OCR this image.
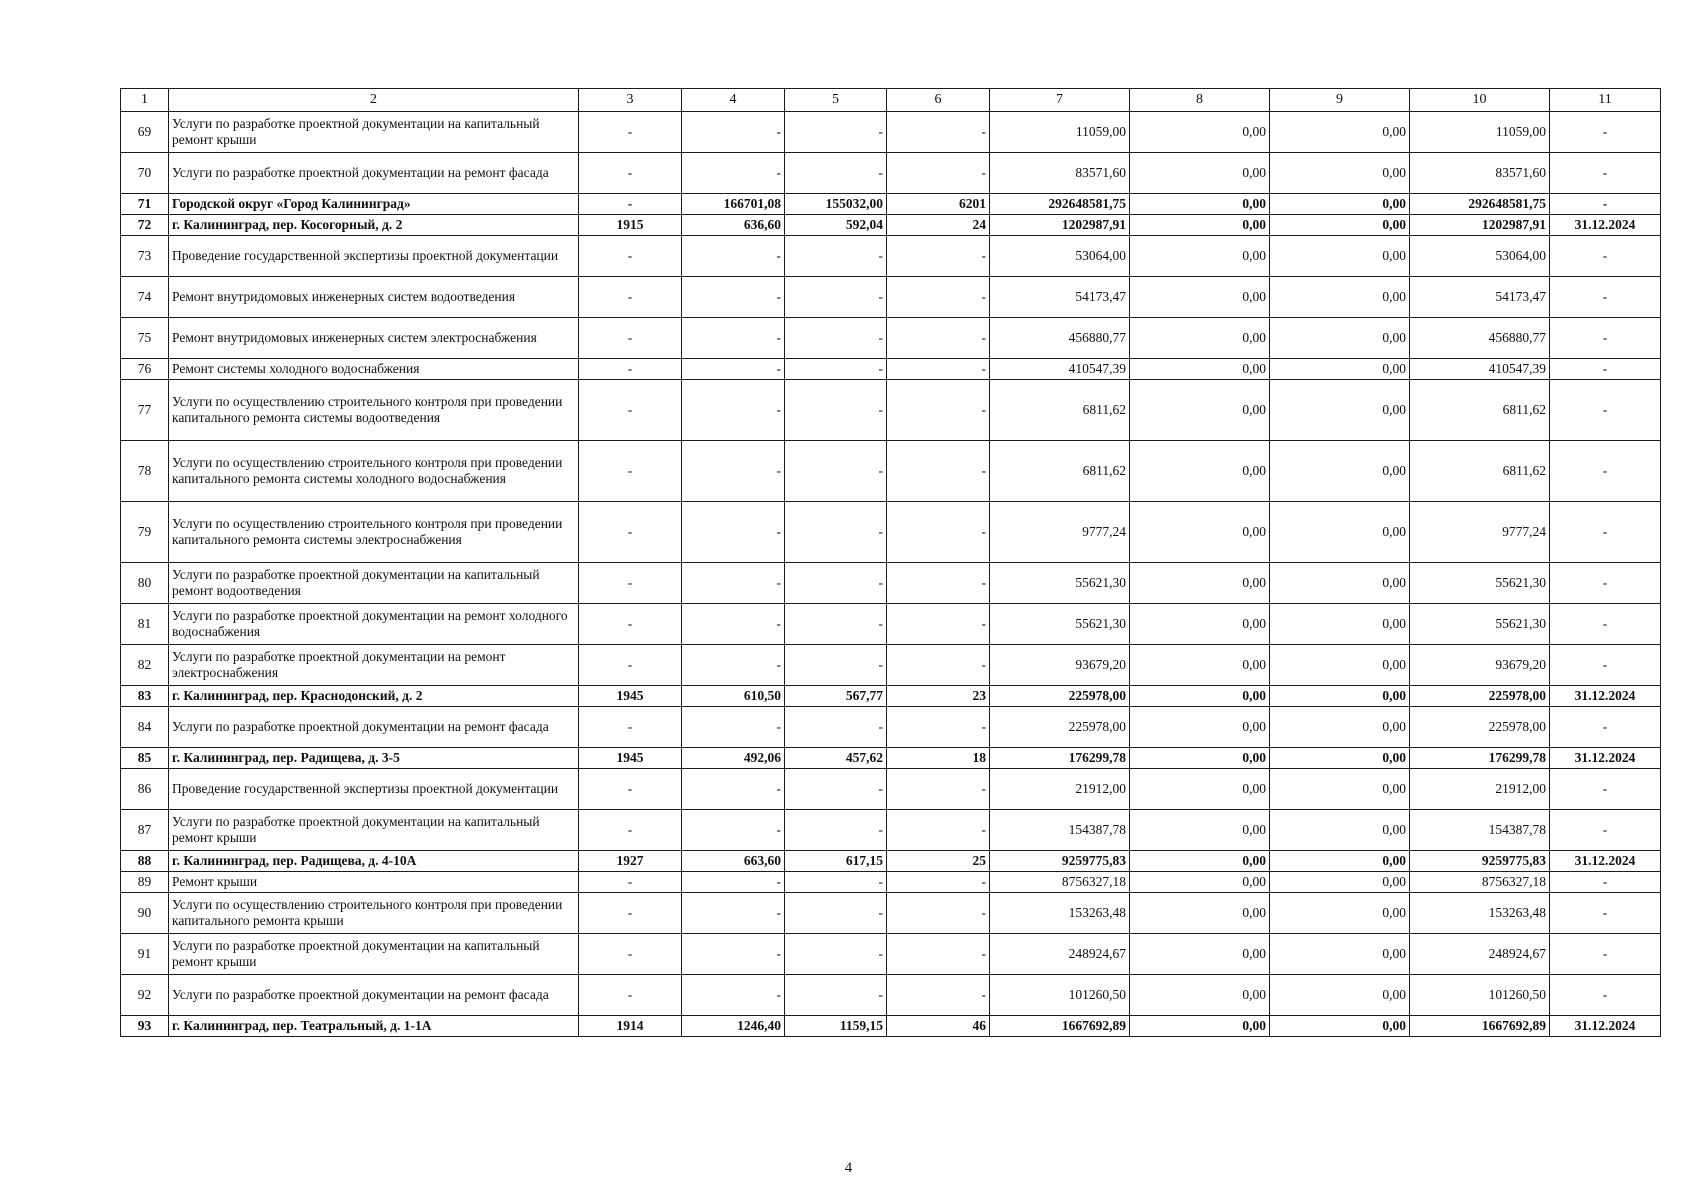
1	2	3	4	5	6	7	8	9	10	11
69	Услуги по разработке проектной документации на капитальный ремонт крыши	-	-	-	-	11059,00	0,00	0,00	11059,00	-
70	Услуги по разработке проектной документации на ремонт фасада	-	-	-	-	83571,60	0,00	0,00	83571,60	-
71	Городской округ «Город Калининград»	-	166701,08	155032,00	6201	292648581,75	0,00	0,00	292648581,75	-
72	г. Калининград, пер. Косогорный, д. 2	1915	636,60	592,04	24	1202987,91	0,00	0,00	1202987,91	31.12.2024
73	Проведение государственной экспертизы проектной документации	-	-	-	-	53064,00	0,00	0,00	53064,00	-
74	Ремонт внутридомовых инженерных систем водоотведения	-	-	-	-	54173,47	0,00	0,00	54173,47	-
75	Ремонт внутридомовых инженерных систем электроснабжения	-	-	-	-	456880,77	0,00	0,00	456880,77	-
76	Ремонт системы холодного водоснабжения	-	-	-	-	410547,39	0,00	0,00	410547,39	-
77	Услуги по осуществлению строительного контроля при проведении капитального ремонта системы водоотведения	-	-	-	-	6811,62	0,00	0,00	6811,62	-
78	Услуги по осуществлению строительного контроля при проведении капитального ремонта системы холодного водоснабжения	-	-	-	-	6811,62	0,00	0,00	6811,62	-
79	Услуги по осуществлению строительного контроля при проведении капитального ремонта системы электроснабжения	-	-	-	-	9777,24	0,00	0,00	9777,24	-
80	Услуги по разработке проектной документации на капитальный ремонт водоотведения	-	-	-	-	55621,30	0,00	0,00	55621,30	-
81	Услуги по разработке проектной документации на ремонт холодного водоснабжения	-	-	-	-	55621,30	0,00	0,00	55621,30	-
82	Услуги по разработке проектной документации на ремонт электроснабжения	-	-	-	-	93679,20	0,00	0,00	93679,20	-
83	г. Калининград, пер. Краснодонский, д. 2	1945	610,50	567,77	23	225978,00	0,00	0,00	225978,00	31.12.2024
84	Услуги по разработке проектной документации на ремонт фасада	-	-	-	-	225978,00	0,00	0,00	225978,00	-
85	г. Калининград, пер. Радищева, д. 3-5	1945	492,06	457,62	18	176299,78	0,00	0,00	176299,78	31.12.2024
86	Проведение государственной экспертизы проектной документации	-	-	-	-	21912,00	0,00	0,00	21912,00	-
87	Услуги по разработке проектной документации на капитальный ремонт крыши	-	-	-	-	154387,78	0,00	0,00	154387,78	-
88	г. Калининград, пер. Радищева, д. 4-10А	1927	663,60	617,15	25	9259775,83	0,00	0,00	9259775,83	31.12.2024
89	Ремонт крыши	-	-	-	-	8756327,18	0,00	0,00	8756327,18	-
90	Услуги по осуществлению строительного контроля при проведении капитального ремонта крыши	-	-	-	-	153263,48	0,00	0,00	153263,48	-
91	Услуги по разработке проектной документации на капитальный ремонт крыши	-	-	-	-	248924,67	0,00	0,00	248924,67	-
92	Услуги по разработке проектной документации на ремонт фасада	-	-	-	-	101260,50	0,00	0,00	101260,50	-
93	г. Калининград, пер. Театральный, д. 1-1А	1914	1246,40	1159,15	46	1667692,89	0,00	0,00	1667692,89	31.12.2024
4
